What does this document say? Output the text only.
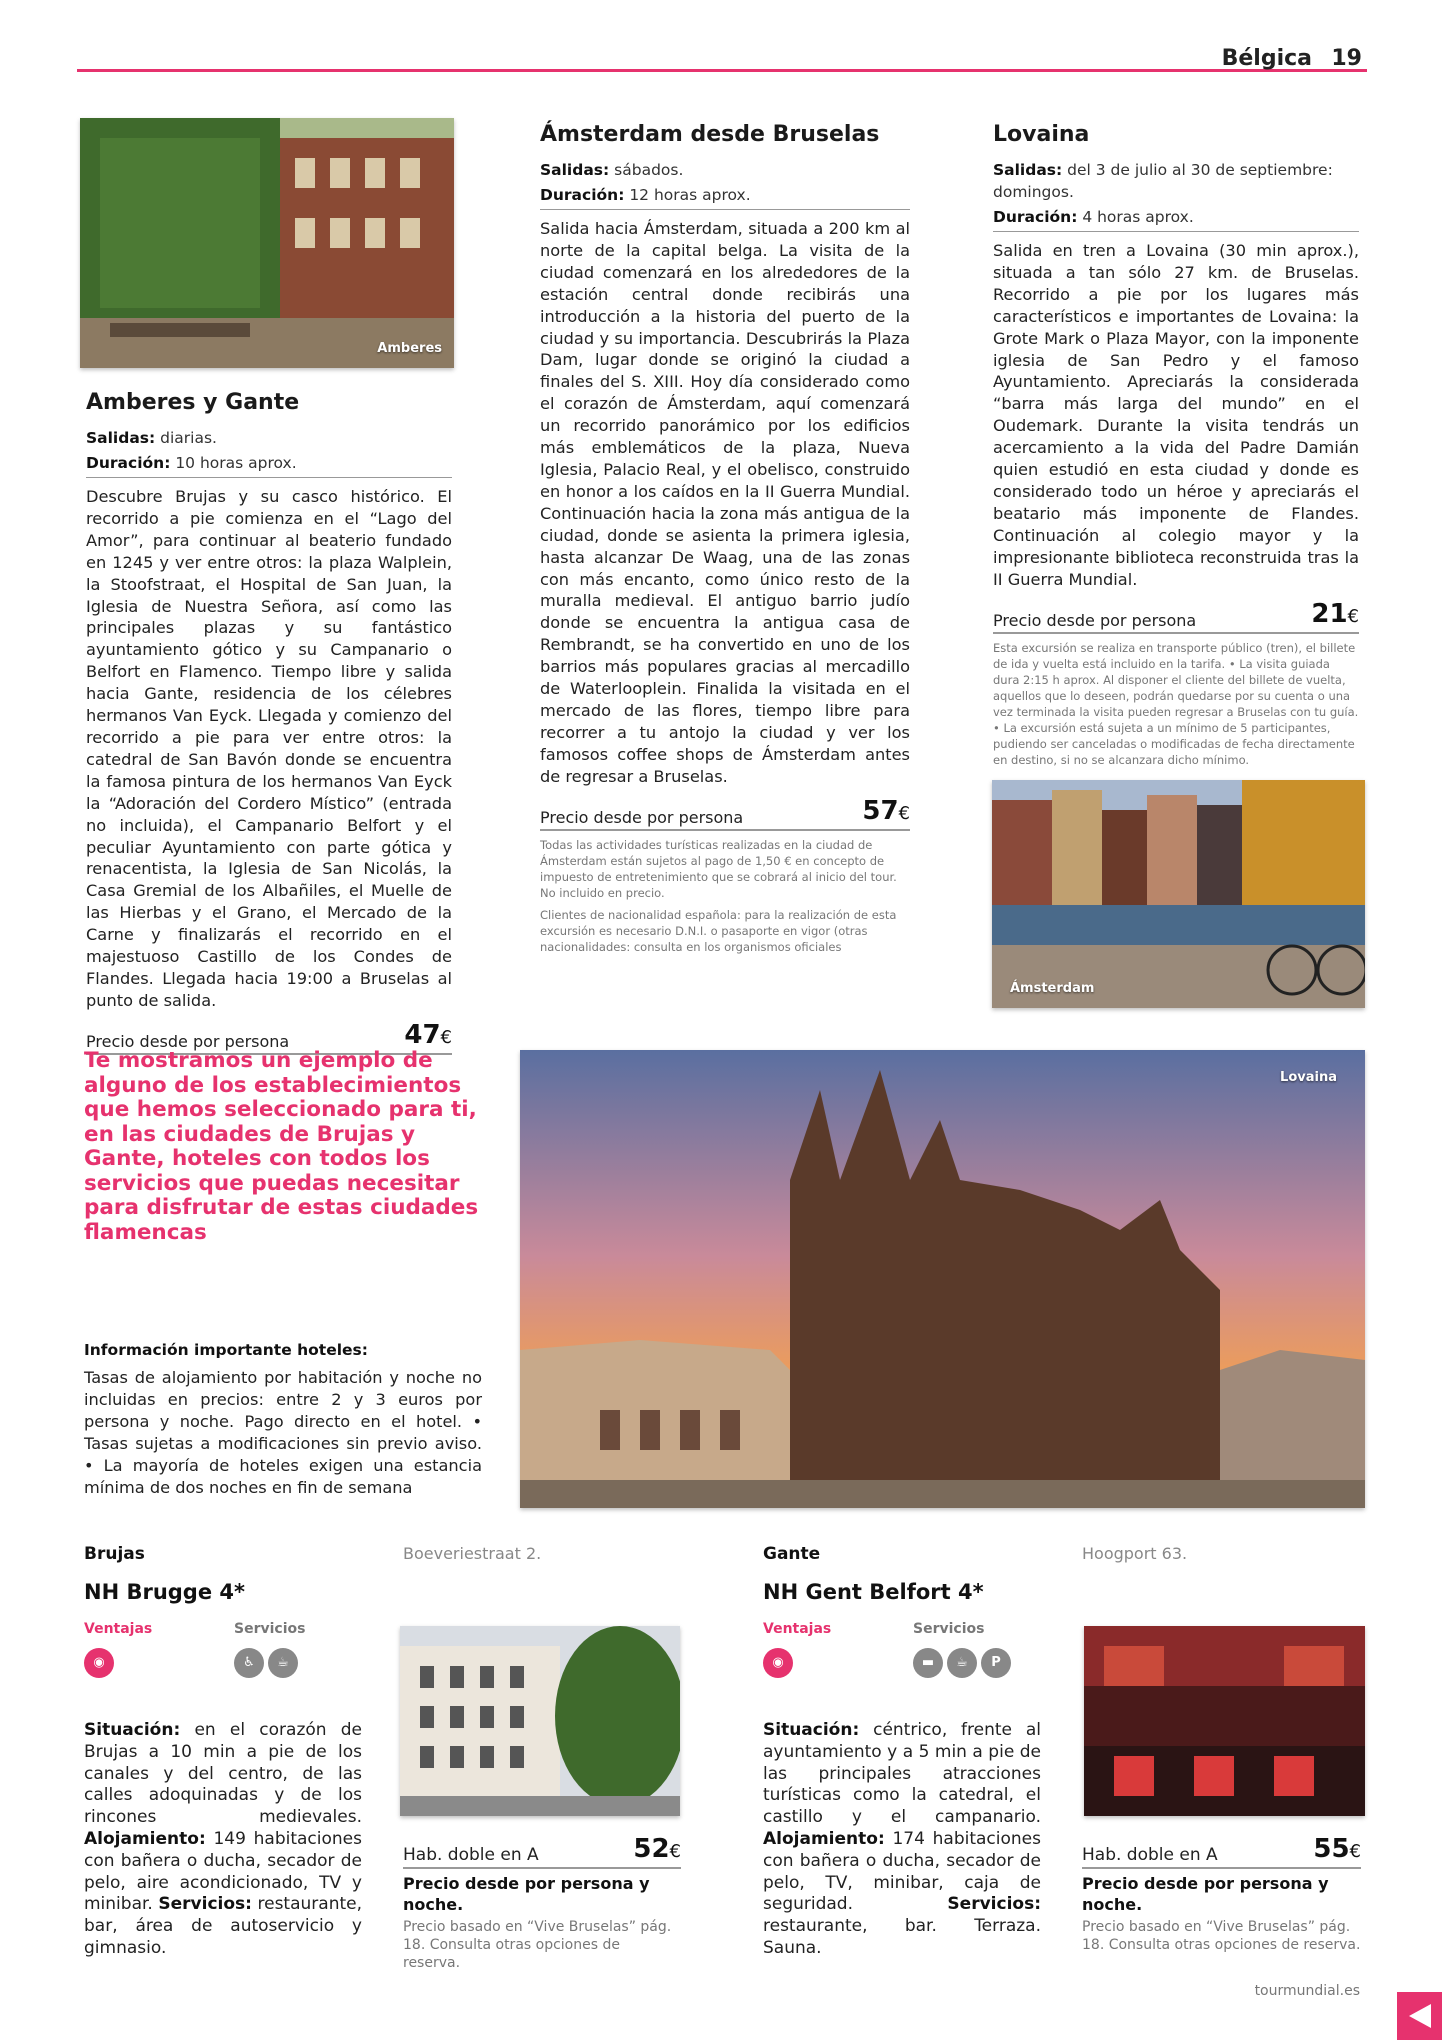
Bélgica 19
Amberes
Amberes y Gante
Salidas: diarias.
Duración: 10 horas aprox.
Descubre Brujas y su casco histórico. El recorrido a pie comienza en el “Lago del Amor”, para continuar al beaterio fundado en 1245 y ver entre otros: la plaza Walplein, la Stoofstraat, el Hospital de San Juan, la Iglesia de Nuestra Señora, así como las principales plazas y su fantástico ayuntamiento gótico y su Campanario o Belfort en Flamenco. Tiempo libre y salida hacia Gante, residencia de los célebres hermanos Van Eyck. Llegada y comienzo del recorrido a pie para ver entre otros: la catedral de San Bavón donde se encuentra la famosa pintura de los hermanos Van Eyck la “Adoración del Cordero Místico” (entrada no incluida), el Campanario Belfort y el peculiar Ayuntamiento con parte gótica y renacentista, la Iglesia de San Nicolás, la Casa Gremial de los Albañiles, el Muelle de las Hierbas y el Grano, el Mercado de la Carne y finalizarás el recorrido en el majestuoso Castillo de los Condes de Flandes. Llegada hacia 19:00 a Bruselas al punto de salida.
Precio desde por persona	47€
Ámsterdam desde Bruselas
Salidas: sábados.
Duración: 12 horas aprox.
Salida hacia Ámsterdam, situada a 200 km al norte de la capital belga. La visita de la ciudad comenzará en los alrededores de la estación central donde recibirás una introducción a la historia del puerto de la ciudad y su importancia. Descubrirás la Plaza Dam, lugar donde se originó la ciudad a finales del S. XIII. Hoy día considerado como el corazón de Ámsterdam, aquí comenzará un recorrido panorámico por los edificios más emblemáticos de la plaza, Nueva Iglesia, Palacio Real, y el obelisco, construido en honor a los caídos en la II Guerra Mundial. Continuación hacia la zona más antigua de la ciudad, donde se asienta la primera iglesia, hasta alcanzar De Waag, una de las zonas con más encanto, como único resto de la muralla medieval. El antiguo barrio judío donde se encuentra la antigua casa de Rembrandt, se ha convertido en uno de los barrios más populares gracias al mercadillo de Waterlooplein. Finalida la visitada en el mercado de las flores, tiempo libre para recorrer a tu antojo la ciudad y ver los famosos coffee shops de Ámsterdam antes de regresar a Bruselas.
Precio desde por persona	57€
Todas las actividades turísticas realizadas en la ciudad de Ámsterdam están sujetos al pago de 1,50 € en concepto de impuesto de entretenimiento que se cobrará al inicio del tour. No incluido en precio.
Clientes de nacionalidad española: para la realización de esta excursión es necesario D.N.I. o pasaporte en vigor (otras nacionalidades: consulta en los organismos oficiales
Lovaina
Salidas: del 3 de julio al 30 de septiembre: domingos.
Duración: 4 horas aprox.
Salida en tren a Lovaina (30 min aprox.), situada a tan sólo 27 km. de Bruselas. Recorrido a pie por los lugares más característicos e importantes de Lovaina: la Grote Mark o Plaza Mayor, con la imponente iglesia de San Pedro y el famoso Ayuntamiento. Apreciarás la considerada “barra más larga del mundo” en el Oudemark. Durante la visita tendrás un acercamiento a la vida del Padre Damián quien estudió en esta ciudad y donde es considerado todo un héroe y apreciarás el beatario más imponente de Flandes. Continuación al colegio mayor y la impresionante biblioteca reconstruida tras la II Guerra Mundial.
Precio desde por persona	21€
Esta excursión se realiza en transporte público (tren), el billete de ida y vuelta está incluido en la tarifa. • La visita guiada dura 2:15 h aprox. Al disponer el cliente del billete de vuelta, aquellos que lo deseen, podrán quedarse por su cuenta o una vez terminada la visita pueden regresar a Bruselas con tu guía. • La excursión está sujeta a un mínimo de 5 participantes, pudiendo ser canceladas o modificadas de fecha directamente en destino, si no se alcanzara dicho mínimo.
Ámsterdam
Te mostramos un ejemplo de alguno de los establecimientos que hemos seleccionado para ti, en las ciudades de Brujas y Gante, hoteles con todos los servicios que puedas necesitar para disfrutar de estas ciudades flamencas
Lovaina
Información importante hoteles:
Tasas de alojamiento por habitación y noche no incluidas en precios: entre 2 y 3 euros por persona y noche. Pago directo en el hotel. • Tasas sujetas a modificaciones sin previo aviso. • La mayoría de hoteles exigen una estancia mínima de dos noches en fin de semana
Brujas	Boeveriestraat 2.
NH Brugge 4*
Ventajas	Servicios
◉	♿ ☕
Situación: en el corazón de Brujas a 10 min a pie de los canales y del centro, de las calles adoquinadas y de los rincones medievales. Alojamiento: 149 habitaciones con bañera o ducha, secador de pelo, aire acondicionado, TV y minibar. Servicios: restaurante, bar, área de autoservicio y gimnasio.
Hab. doble en A	52€
Precio desde por persona y noche.
Precio basado en “Vive Bruselas” pág. 18. Consulta otras opciones de reserva.
Gante	Hoogport 63.
NH Gent Belfort 4*
Ventajas	Servicios
◉	▬ ☕ P
Situación: céntrico, frente al ayuntamiento y a 5 min a pie de las principales atracciones turísticas como la catedral, el castillo y el campanario. Alojamiento: 174 habitaciones con bañera o ducha, secador de pelo, TV, minibar, caja de seguridad.	Servicios: restaurante, bar. Terraza. Sauna.
Hab. doble en A	55€
Precio desde por persona y noche.
Precio basado en “Vive Bruselas” pág. 18. Consulta otras opciones de reserva.
tourmundial.es
